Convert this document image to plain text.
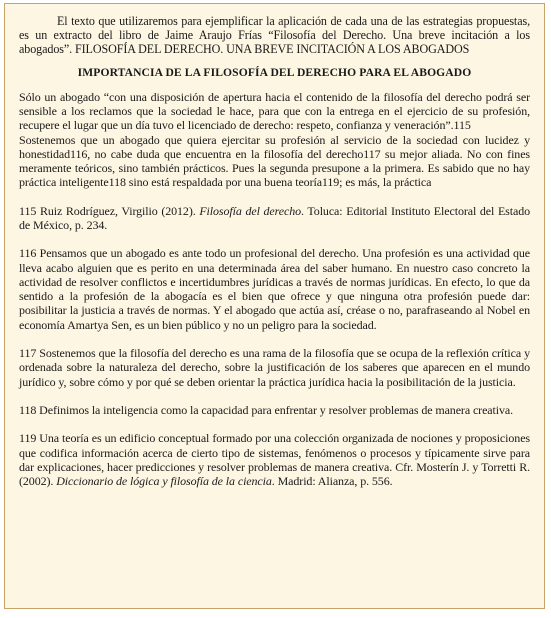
El texto que utilizaremos para ejemplificar la aplicación de cada una de las estrategias propuestas, es un extracto del libro de Jaime Araujo Frías “Filosofía del Derecho. Una breve incitación a los abogados”. FILOSOFÍA DEL DERECHO. UNA BREVE INCITACIÓN A LOS ABOGADOS

IMPORTANCIA DE LA FILOSOFÍA DEL DERECHO PARA EL ABOGADO

Sólo un abogado “con una disposición de apertura hacia el contenido de la filosofía del derecho podrá ser sensible a los reclamos que la sociedad le hace, para que con la entrega en el ejercicio de su profesión, recupere el lugar que un día tuvo el licenciado de derecho: respeto, confianza y veneración”.115

Sostenemos que un abogado que quiera ejercitar su profesión al servicio de la sociedad con lucidez y honestidad116, no cabe duda que encuentra en la filosofía del derecho117 su mejor aliada. No con fines meramente teóricos, sino también prácticos. Pues la segunda presupone a la primera. Es sabido que no hay práctica inteligente118 sino está respaldada por una buena teoría119; es más, la práctica

115 Ruiz Rodríguez, Virgilio (2012). Filosofía del derecho. Toluca: Editorial Instituto Electoral del Estado de México, p. 234.

116 Pensamos que un abogado es ante todo un profesional del derecho. Una profesión es una actividad que lleva acabo alguien que es perito en una determinada área del saber humano. En nuestro caso concreto la actividad de resolver conflictos e incertidumbres jurídicas a través de normas jurídicas. En efecto, lo que da sentido a la profesión de la abogacía es el bien que ofrece y que ninguna otra profesión puede dar: posibilitar la justicia a través de normas. Y el abogado que actúa así, créase o no, parafraseando al Nobel en economía Amartya Sen, es un bien público y no un peligro para la sociedad.

117 Sostenemos que la filosofía del derecho es una rama de la filosofía que se ocupa de la reflexión crítica y ordenada sobre la naturaleza del derecho, sobre la justificación de los saberes que aparecen en el mundo jurídico y, sobre cómo y por qué se deben orientar la práctica jurídica hacia la posibilitación de la justicia.

118 Definimos la inteligencia como la capacidad para enfrentar y resolver problemas de manera creativa.

119 Una teoría es un edificio conceptual formado por una colección organizada de nociones y proposiciones que codifica información acerca de cierto tipo de sistemas, fenómenos o procesos y típicamente sirve para dar explicaciones, hacer predicciones y resolver problemas de manera creativa. Cfr. Mosterín J. y Torretti R. (2002). Diccionario de lógica y filosofía de la ciencia. Madrid: Alianza, p. 556.
